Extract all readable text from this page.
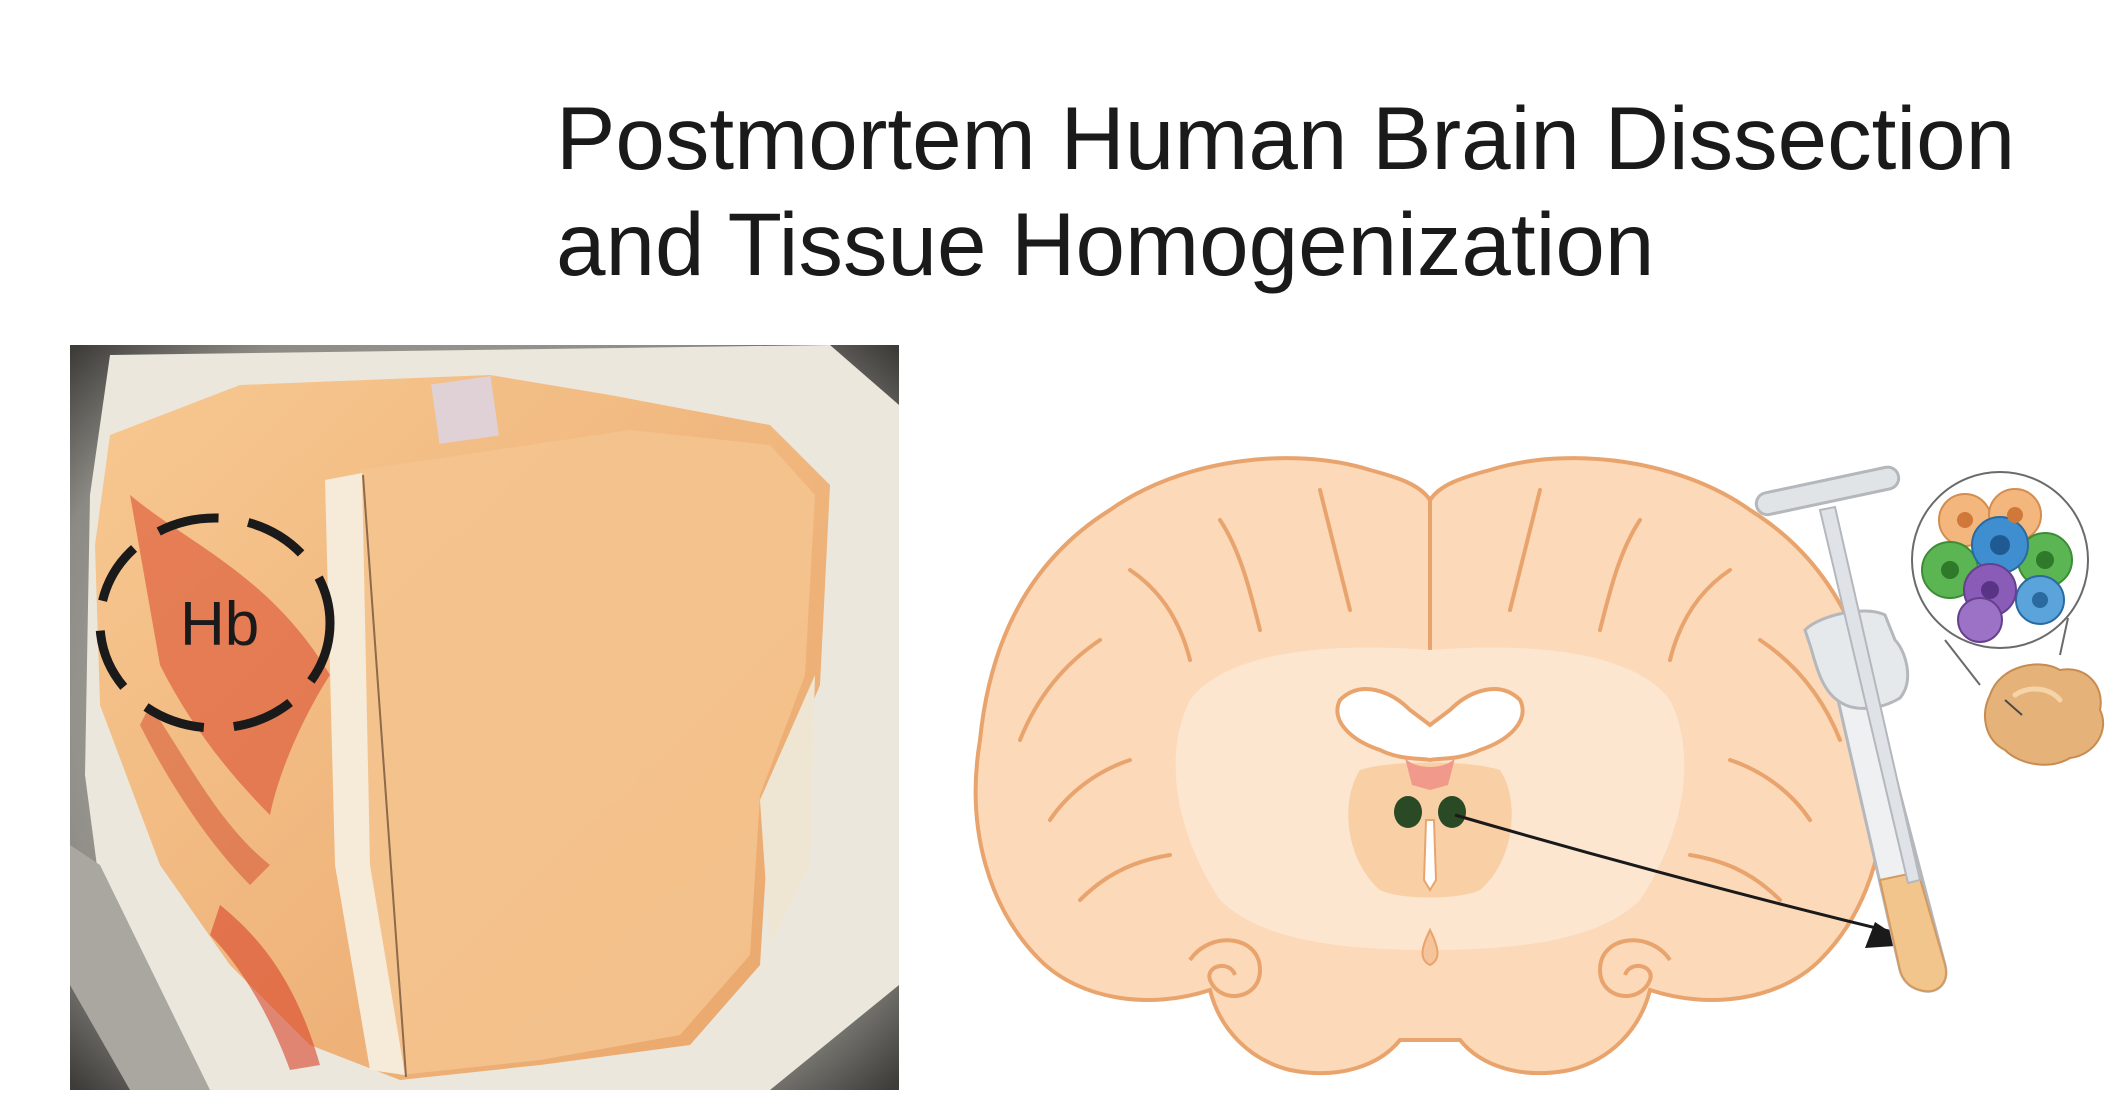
Postmortem Human Brain Dissection
and Tissue Homogenization
Hb
